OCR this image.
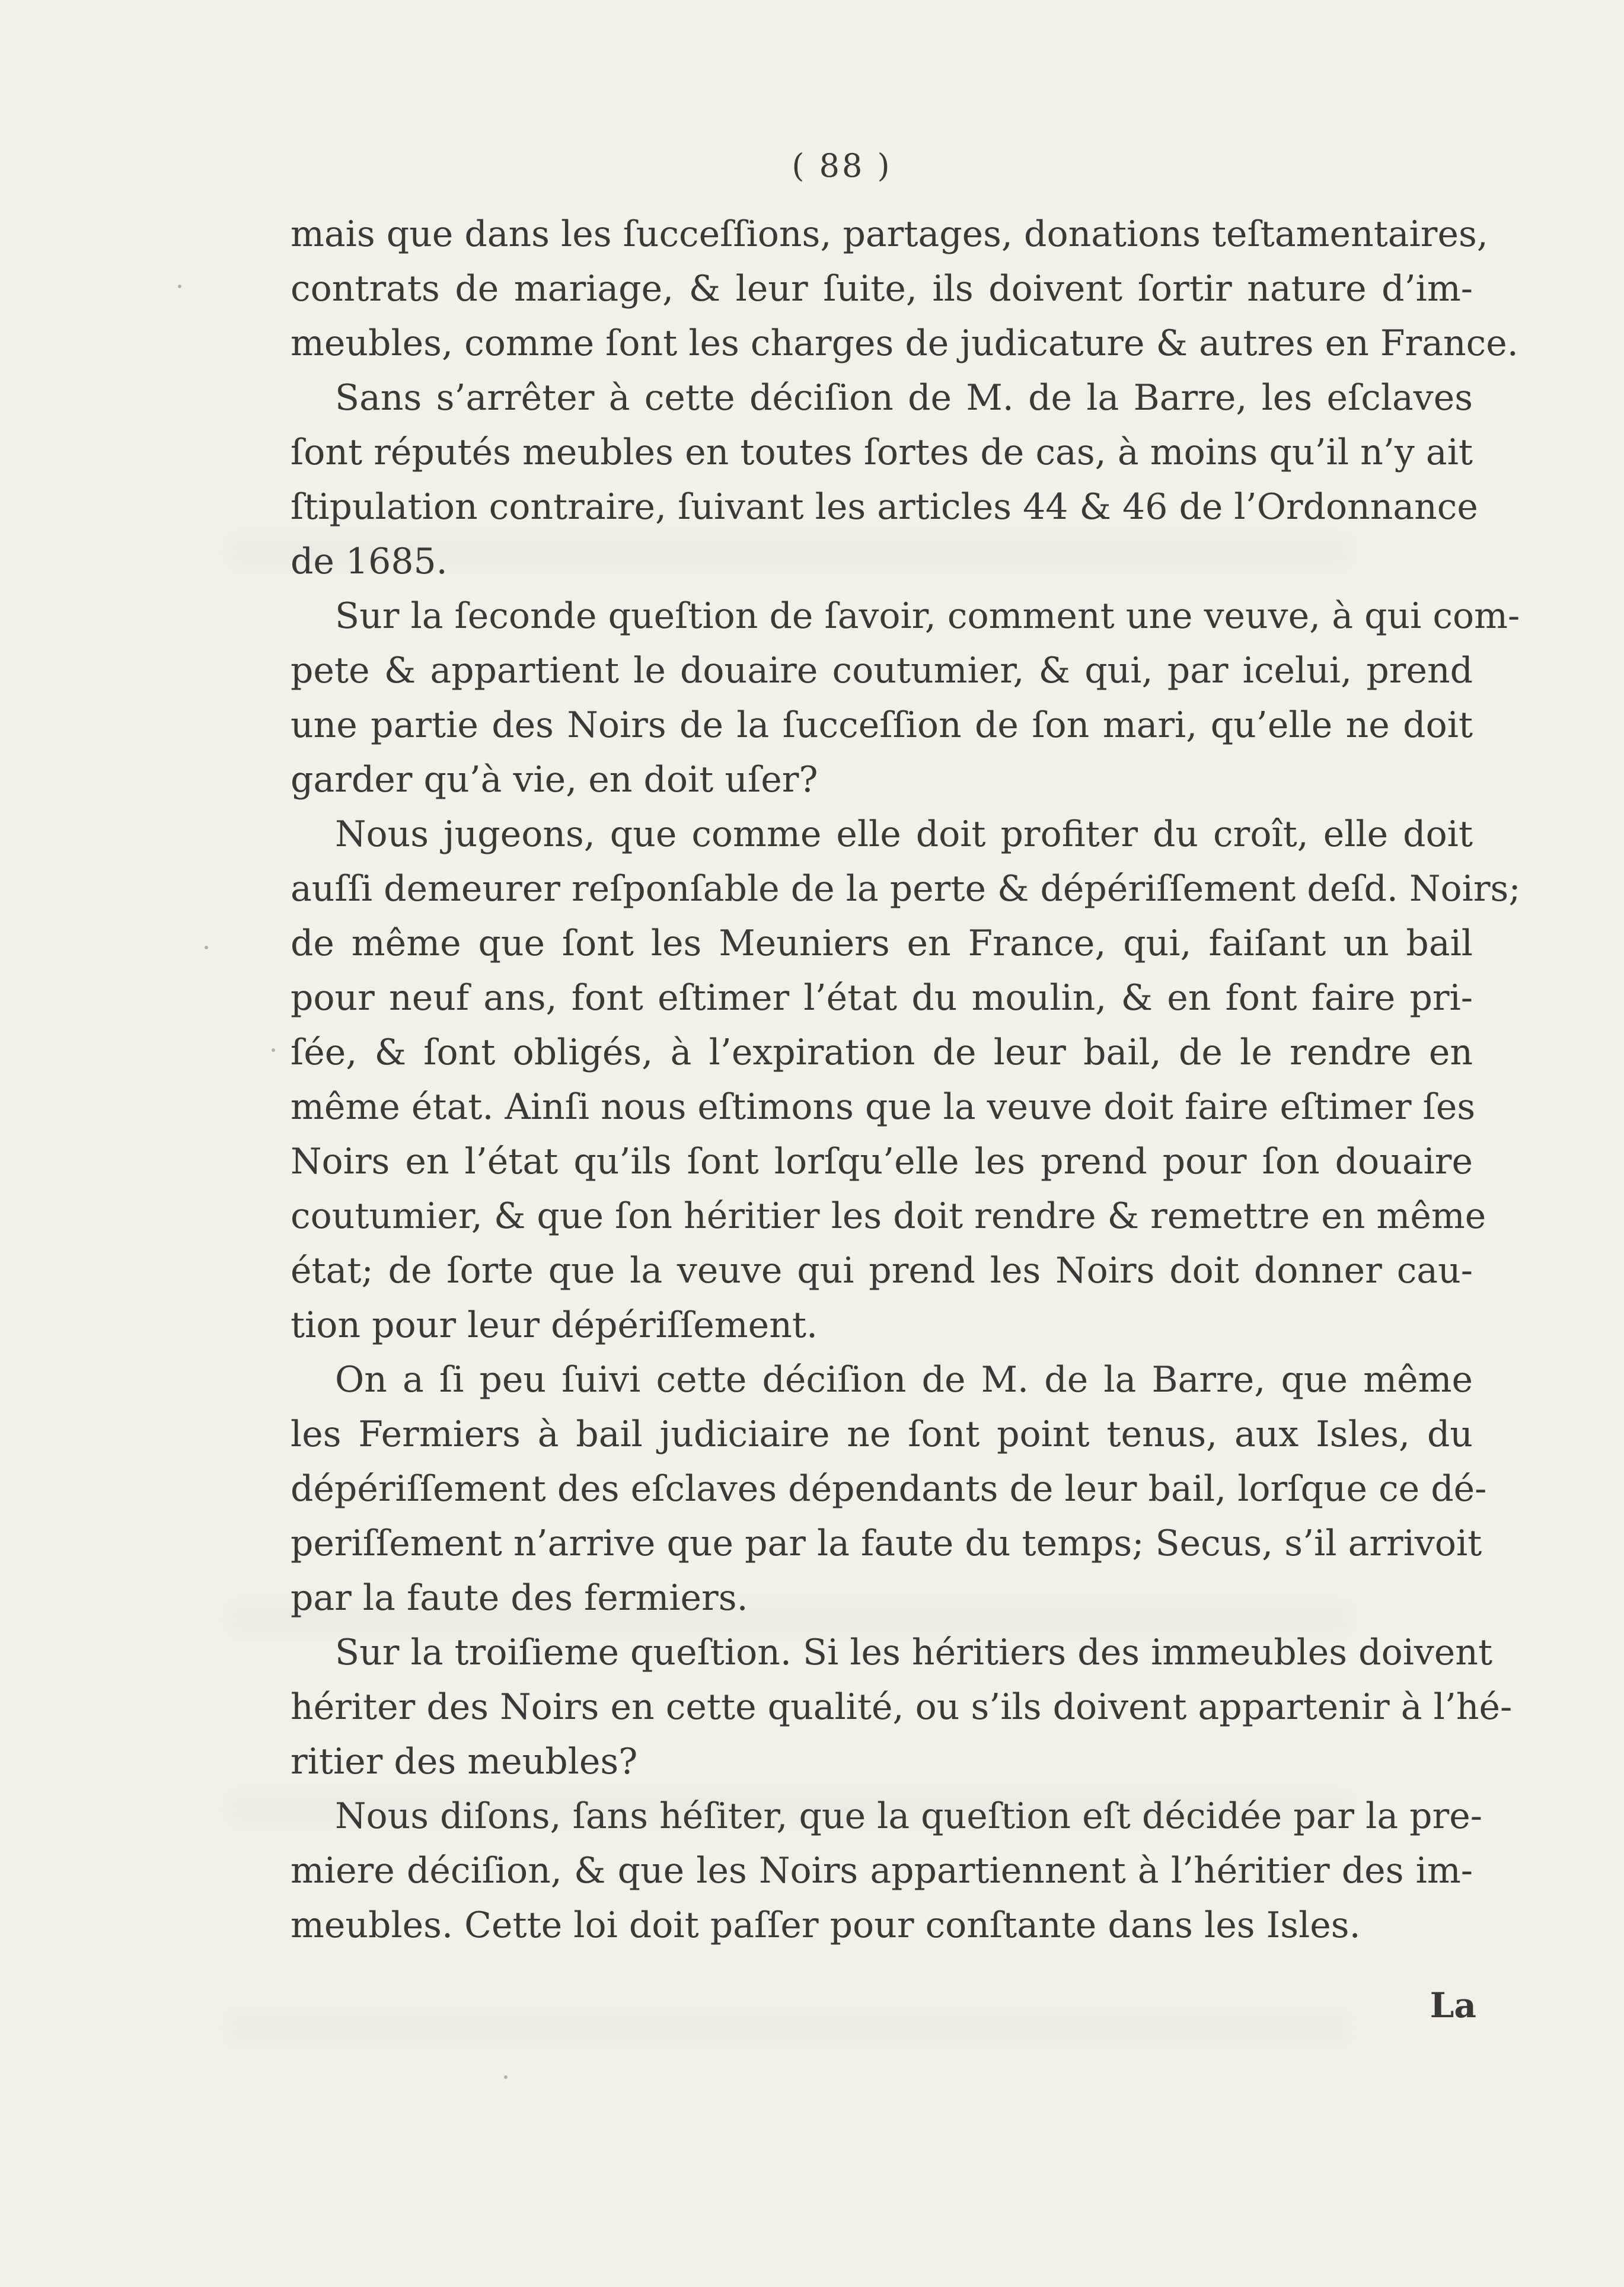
( 88 )
mais que dans les ſucceſſions, partages, donations teſtamentaires,
contrats de mariage, & leur ſuite, ils doivent ſortir nature d’im-
meubles, comme ſont les charges de judicature & autres en France.
Sans s’arrêter à cette déciſion de M. de la Barre, les eſclaves
ſont réputés meubles en toutes ſortes de cas, à moins qu’il n’y ait
ſtipulation contraire, ſuivant les articles 44 & 46 de l’Ordonnance
de 1685.
Sur la ſeconde queſtion de ſavoir, comment une veuve, à qui com-
pete & appartient le douaire coutumier, & qui, par icelui, prend
une partie des Noirs de la ſucceſſion de ſon mari, qu’elle ne doit
garder qu’à vie, en doit uſer?
Nous jugeons, que comme elle doit profiter du croît, elle doit
auſſi demeurer reſponſable de la perte & dépériſſement deſd. Noirs;
de même que ſont les Meuniers en France, qui, faiſant un bail
pour neuf ans, font eſtimer l’état du moulin, & en font faire pri-
ſée, & ſont obligés, à l’expiration de leur bail, de le rendre en
même état. Ainſi nous eſtimons que la veuve doit faire eſtimer ſes
Noirs en l’état qu’ils ſont lorſqu’elle les prend pour ſon douaire
coutumier, & que ſon héritier les doit rendre & remettre en même
état; de ſorte que la veuve qui prend les Noirs doit donner cau-
tion pour leur dépériſſement.
On a ſi peu ſuivi cette déciſion de M. de la Barre, que même
les Fermiers à bail judiciaire ne ſont point tenus, aux Isles, du
dépériſſement des eſclaves dépendants de leur bail, lorſque ce dé-
periſſement n’arrive que par la faute du temps; Secus, s’il arrivoit
par la faute des fermiers.
Sur la troiſieme queſtion. Si les héritiers des immeubles doivent
hériter des Noirs en cette qualité, ou s’ils doivent appartenir à l’hé-
ritier des meubles?
Nous diſons, ſans héſiter, que la queſtion eſt décidée par la pre-
miere déciſion, & que les Noirs appartiennent à l’héritier des im-
meubles. Cette loi doit paſſer pour conſtante dans les Isles.
La
